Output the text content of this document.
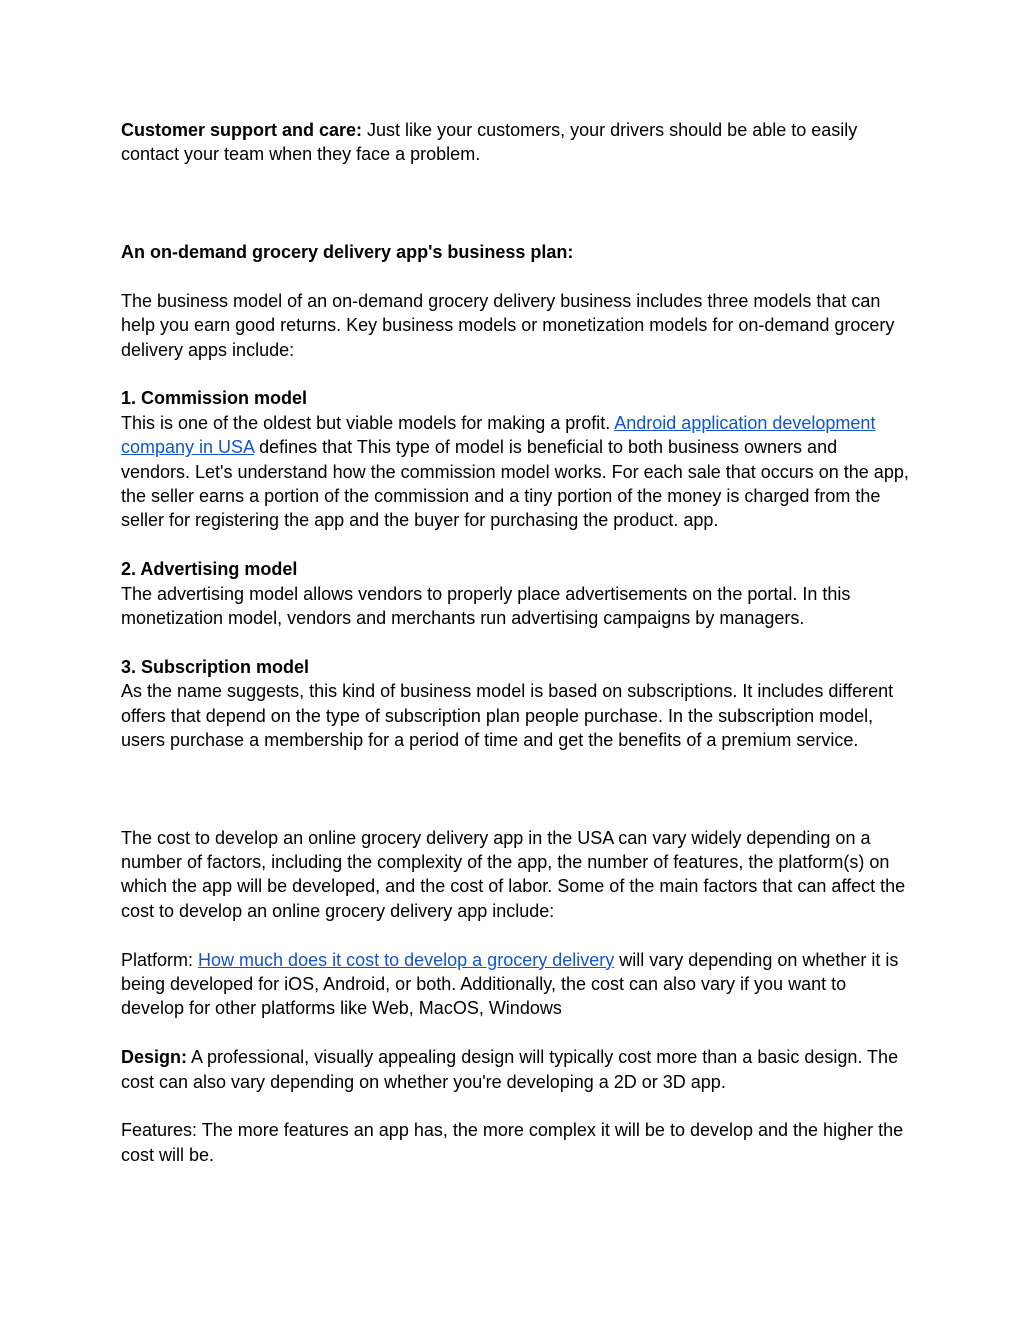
Customer support and care: Just like your customers, your drivers should be able to easily contact your team when they face a problem.

An on-demand grocery delivery app's business plan:

The business model of an on-demand grocery delivery business includes three models that can help you earn good returns. Key business models or monetization models for on-demand grocery delivery apps include:

1. Commission model

This is one of the oldest but viable models for making a profit. Android application development company in USA defines that This type of model is beneficial to both business owners and vendors. Let's understand how the commission model works. For each sale that occurs on the app, the seller earns a portion of the commission and a tiny portion of the money is charged from the seller for registering the app and the buyer for purchasing the product. app.

2. Advertising model

The advertising model allows vendors to properly place advertisements on the portal. In this monetization model, vendors and merchants run advertising campaigns by managers.

3. Subscription model

As the name suggests, this kind of business model is based on subscriptions. It includes different offers that depend on the type of subscription plan people purchase. In the subscription model, users purchase a membership for a period of time and get the benefits of a premium service.

The cost to develop an online grocery delivery app in the USA can vary widely depending on a number of factors, including the complexity of the app, the number of features, the platform(s) on which the app will be developed, and the cost of labor. Some of the main factors that can affect the cost to develop an online grocery delivery app include:

Platform: How much does it cost to develop a grocery delivery will vary depending on whether it is being developed for iOS, Android, or both. Additionally, the cost can also vary if you want to develop for other platforms like Web, MacOS, Windows

Design: A professional, visually appealing design will typically cost more than a basic design. The cost can also vary depending on whether you're developing a 2D or 3D app.

Features: The more features an app has, the more complex it will be to develop and the higher the cost will be.
